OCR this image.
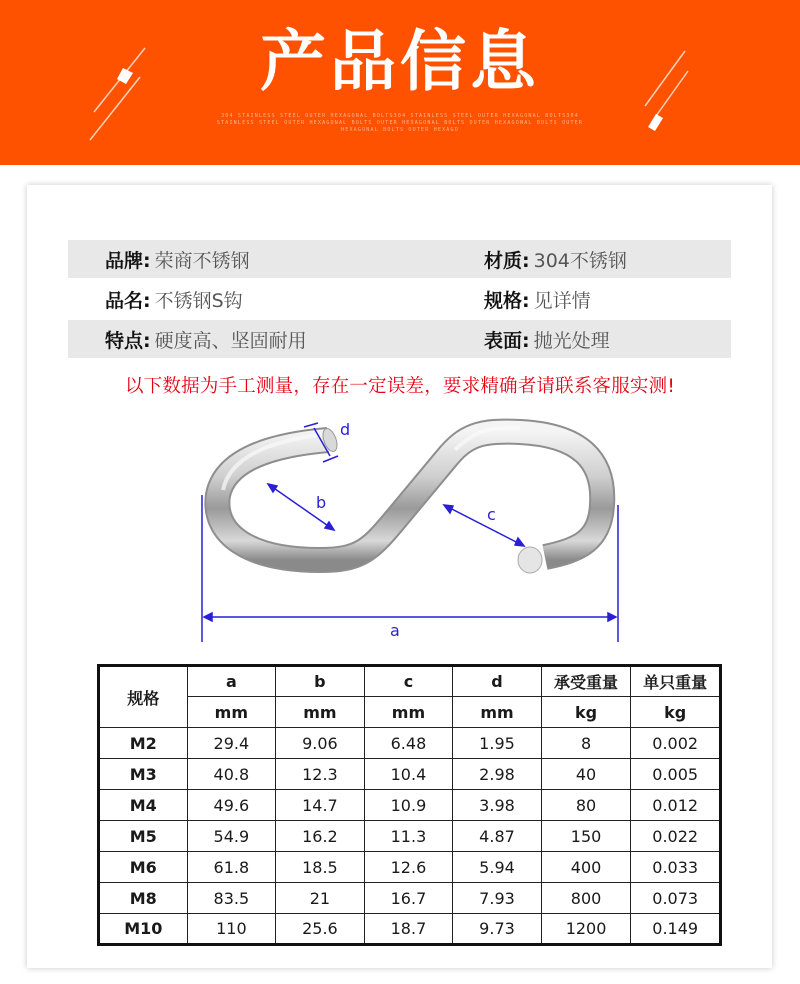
产品信息
304 STAINLESS STEEL OUTER HEXAGONAL BOLTS304 STAINLESS STEEL OUTER HEXAGONAL BOLTS304 STAINLESS STEEL OUTER HEXAGONAL BOLTS OUTER HEXAGONAL BOLTS OUTER HEXAGONAL BOLTS OUTER HEXAGONAL BOLTS OUTER HEXAGO
品牌: 荣商不锈钢	材质: 304不锈钢
品名: 不锈钢S钩	规格: 见详情
特点: 硬度高、坚固耐用	表面: 抛光处理
以下数据为手工测量，存在一定误差，要求精确者请联系客服实测!
d
b
c
a
规格	a	b	c	d	承受重量	单只重量
	mm	mm	mm	mm	kg	kg
M2	29.4	9.06	6.48	1.95	8	0.002
M3	40.8	12.3	10.4	2.98	40	0.005
M4	49.6	14.7	10.9	3.98	80	0.012
M5	54.9	16.2	11.3	4.87	150	0.022
M6	61.8	18.5	12.6	5.94	400	0.033
M8	83.5	21	16.7	7.93	800	0.073
M10	110	25.6	18.7	9.73	1200	0.149
